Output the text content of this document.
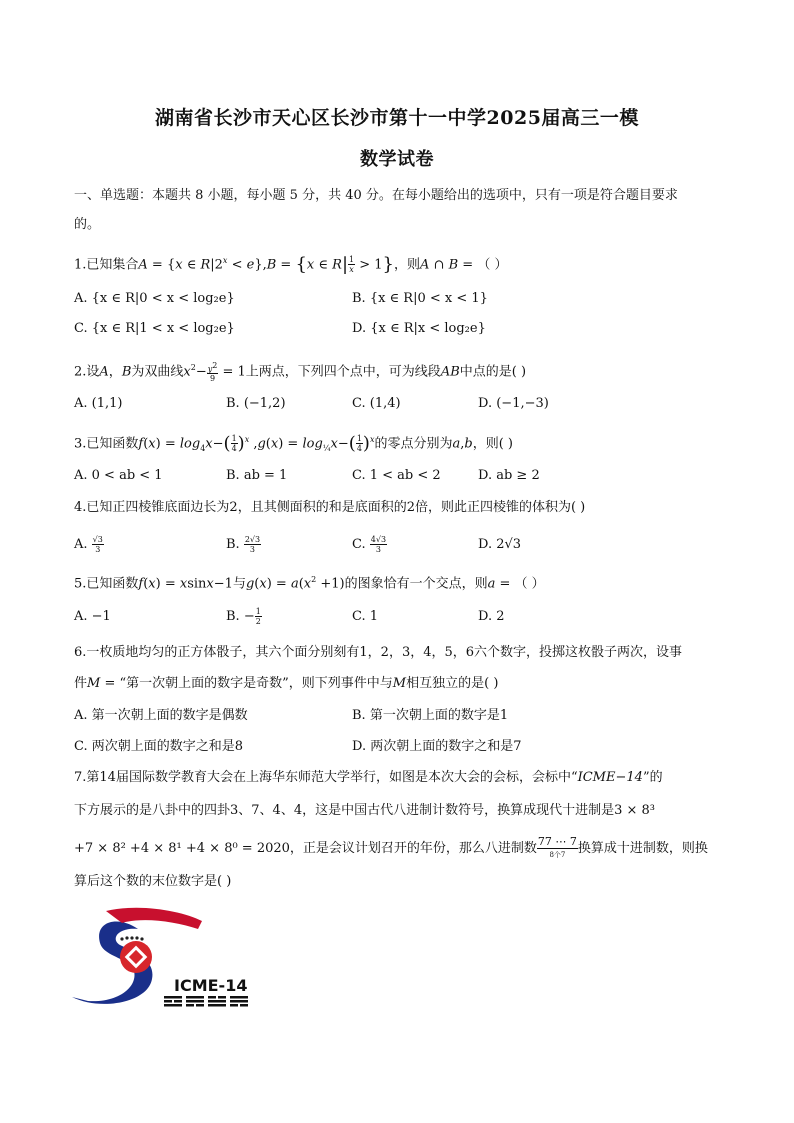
湖南省长沙市天心区长沙市第十一中学2025届高三一模
数学试卷
一、单选题：本题共 8 小题，每小题 5 分，共 40 分。在每小题给出的选项中，只有一项是符合题目要求
的。
1.已知集合A = {x ∈ $R|2^x < e\},B = \{x$ ∈ $R| \frac{1}{x} > 1$}，则A ∩ B = （ ）
A. {x ∈ R|0 < x < log₂e}	B. {x ∈ R|0 < x < 1}
C. {x ∈ R|1 < x < log₂e}	D. {x ∈ R|x < log₂e}
2.设A，B为双曲线$x^2- \frac{y^2}{9} = 1$上两点，下列四个点中，可为线段AB中点的是( )
A. (1,1)	B. (−1,2)	C. (1,4)	D. (−1,−3)
3.已知函数$f(x) = \log_4x-( \frac{1}{4} )^x$ $,g(x) = \log_{\frac{1}{4}}x-( \frac{1}{4} )^x$的零点分别为a,b，则( )
A. 0 < ab < 1	B. ab = 1	C. 1 < ab < 2	D. ab ≥ 2
4.已知正四棱锥底面边长为2，且其侧面积的和是底面积的2倍，则此正四棱锥的体积为( )
A. $\frac{√3}{3}$	B. $\frac{2√3}{3}$	C. $\frac{4√3}{3}$	D. 2√3
5.已知函数f(x) = xsinx−1与$g(x) = a(x^2 +1)$的图象恰有一个交点，则a = （ ）
A. −1	B. − $\frac{1}{2}$	C. 1	D. 2
6.一枚质地均匀的正方体骰子，其六个面分别刻有1，2，3，4，5，6六个数字，投掷这枚骰子两次，设事
件M = “第一次朝上面的数字是奇数”，则下列事件中与M相互独立的是( )
A. 第一次朝上面的数字是偶数	B. 第一次朝上面的数字是1
C. 两次朝上面的数字之和是8	D. 两次朝上面的数字之和是7
7.第14届国际数学教育大会在上海华东师范大学举行，如图是本次大会的会标，会标中“ICME−14”的
下方展示的是八卦中的四卦3、7、4、4，这是中国古代八进制计数符号，换算成现代十进制是3 × 8³
+7 × 8² +4 × 8¹ +4 × 8⁰ = 2020，正是会议计划召开的年份，那么八进制数 $\frac{77 \cdots 7}{\text{8个7}}$ 换算成十进制数，则换
算后这个数的末位数字是( )
ICME-14
